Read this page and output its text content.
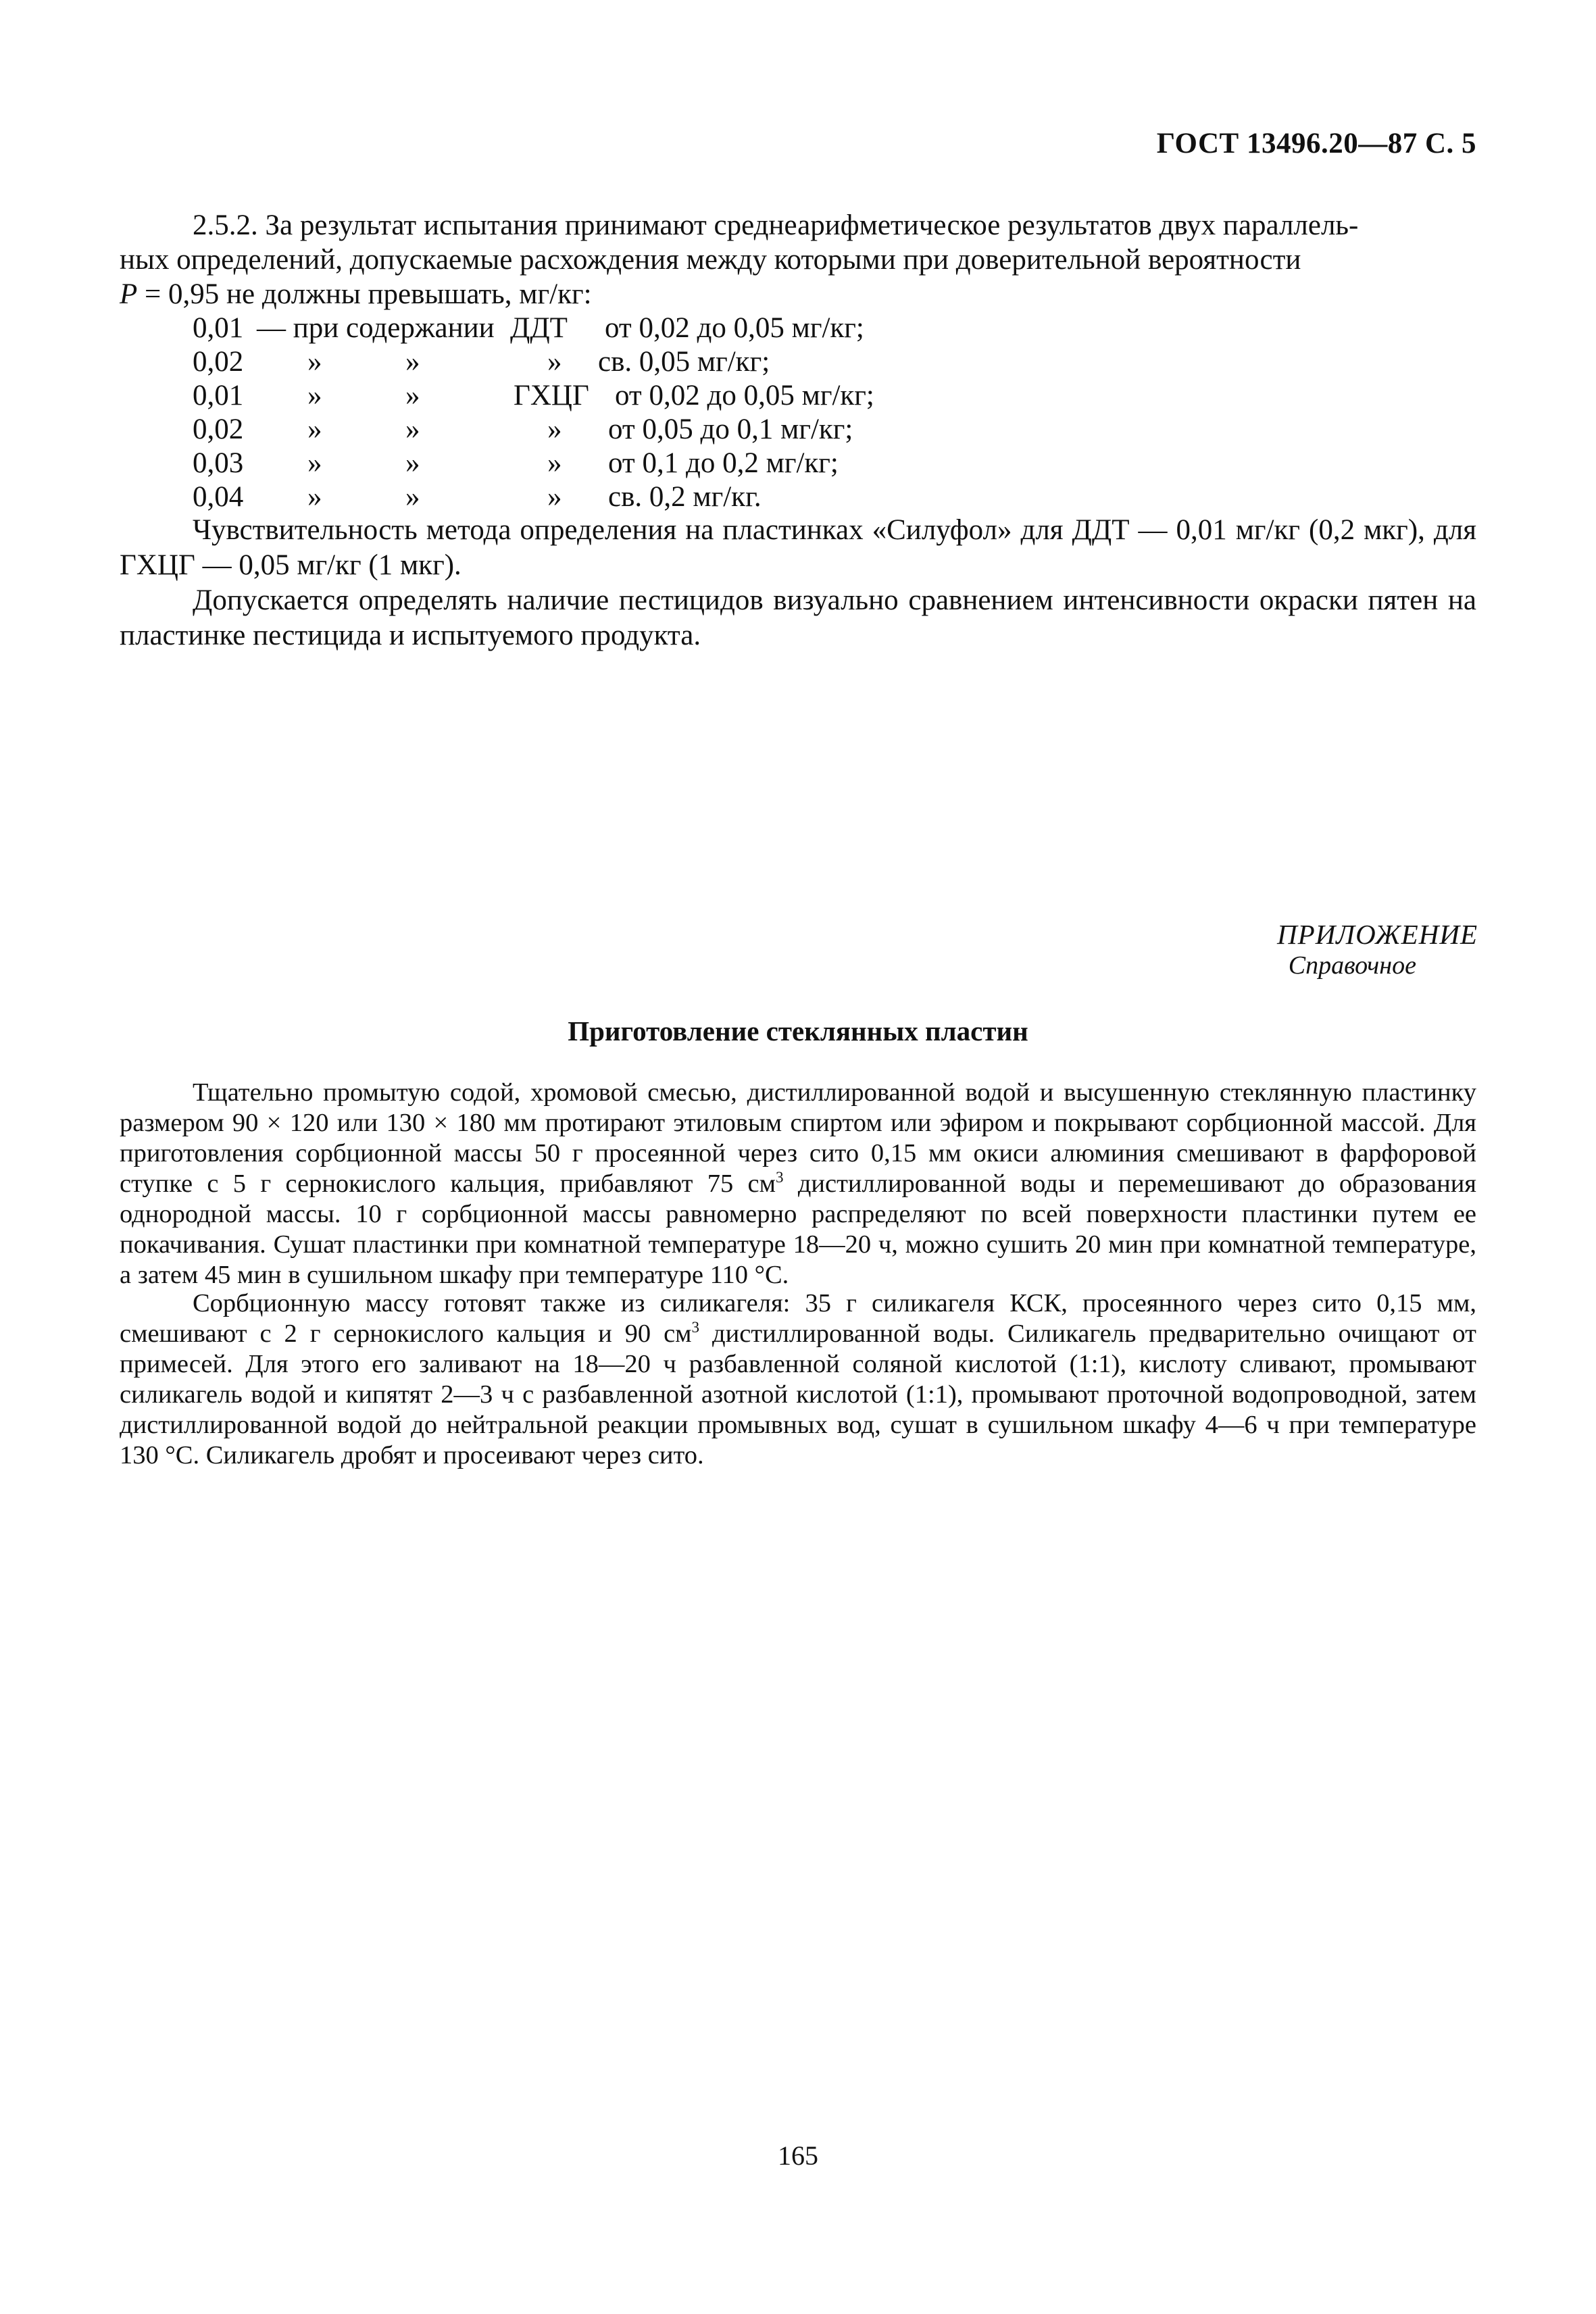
ГОСТ 13496.20—87 С. 5
2.5.2. За результат испытания принимают среднеарифметическое результатов двух параллель-
ных определений, допускаемые расхождения между которыми при доверительной вероятности
P = 0,95 не должны превышать, мг/кг:
0,01 — при содержании ДДТ от 0,02 до 0,05 мг/кг;
0,02 »	»	» св. 0,05 мг/кг;
0,01 »	»	ГХЦГ от 0,02 до 0,05 мг/кг;
0,02 »	»	» от 0,05 до 0,1 мг/кг;
0,03 »	»	» от 0,1 до 0,2 мг/кг;
0,04 »	»	» св. 0,2 мг/кг.
Чувствительность метода определения на пластинках «Силуфол» для ДДТ — 0,01 мг/кг (0,2 мкг), для ГХЦГ — 0,05 мг/кг (1 мкг).
Допускается определять наличие пестицидов визуально сравнением интенсивности окраски пятен на пластинке пестицида и испытуемого продукта.
ПРИЛОЖЕНИЕ
Справочное
Приготовление стеклянных пластин
Тщательно промытую содой, хромовой смесью, дистиллированной водой и высушенную стеклянную пластинку размером 90 × 120 или 130 × 180 мм протирают этиловым спиртом или эфиром и покрывают сорбционной массой. Для приготовления сорбционной массы 50 г просеянной через сито 0,15 мм окиси алюминия смешивают в фарфоровой ступке с 5 г сернокислого кальция, прибавляют 75 $см^3$ дистиллированной воды и перемешивают до образования однородной массы. 10 г сорбционной массы равномерно распределяют по всей поверхности пластинки путем ее покачивания. Сушат пластинки при комнатной температуре 18—20 ч, можно сушить 20 мин при комнатной температуре, а затем 45 мин в сушильном шкафу при температуре 110 °С.
Сорбционную массу готовят также из силикагеля: 35 г силикагеля КСК, просеянного через сито 0,15 мм, смешивают с 2 г сернокислого кальция и 90 $см^3$ дистиллированной воды. Силикагель предварительно очищают от примесей. Для этого его заливают на 18—20 ч разбавленной соляной кислотой (1:1), кислоту сливают, промывают силикагель водой и кипятят 2—3 ч с разбавленной азотной кислотой (1:1), промывают проточной водопроводной, затем дистиллированной водой до нейтральной реакции промывных вод, сушат в сушильном шкафу 4—6 ч при температуре 130 °С. Силикагель дробят и просеивают через сито.
165
